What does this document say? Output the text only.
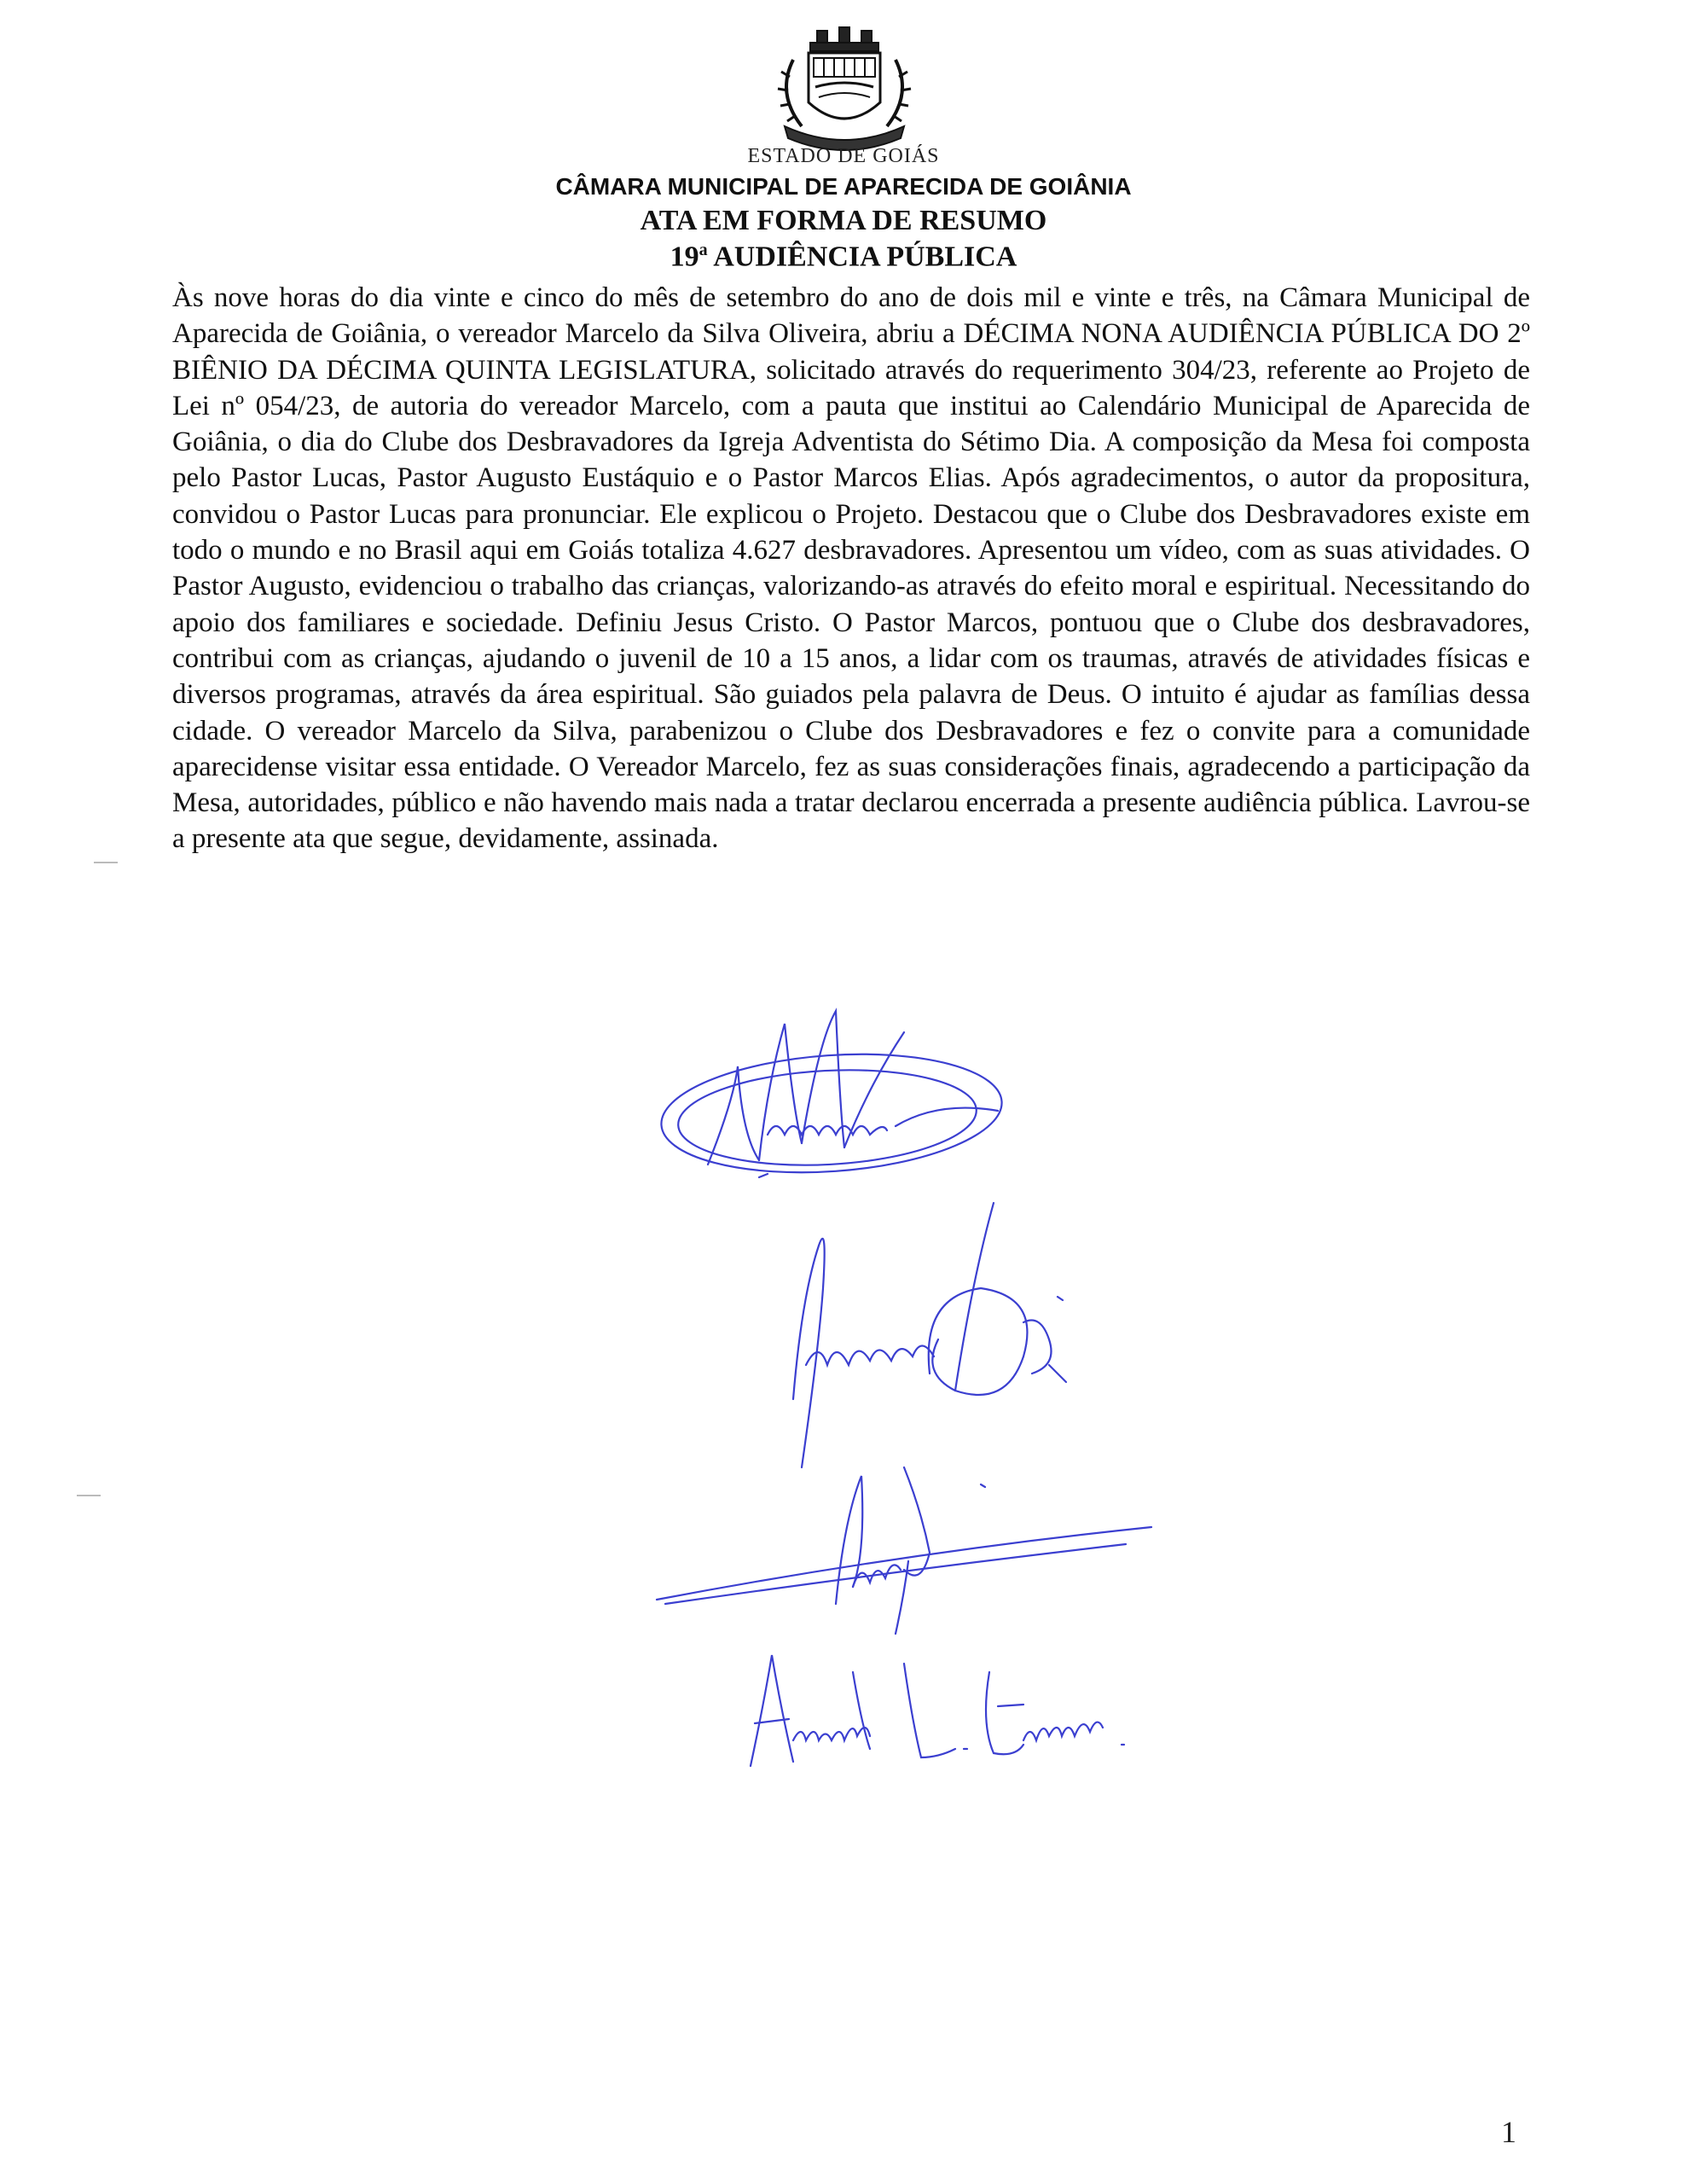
ESTADO DE GOIÁS
CÂMARA MUNICIPAL DE APARECIDA DE GOIÂNIA
ATA EM FORMA DE RESUMO
19$^a$ AUDIÊNCIA PÚBLICA
Às nove horas do dia vinte e cinco do mês de setembro do ano de dois mil e vinte e três, na Câmara Municipal de Aparecida de Goiânia, o vereador Marcelo da Silva Oliveira, abriu a DÉCIMA NONA AUDIÊNCIA PÚBLICA DO 2º BIÊNIO DA DÉCIMA QUINTA LEGISLATURA, solicitado através do requerimento 304/23, referente ao Projeto de Lei nº 054/23, de autoria do vereador Marcelo, com a pauta que institui ao Calendário Municipal de Aparecida de Goiânia, o dia do Clube dos Desbravadores da Igreja Adventista do Sétimo Dia. A composição da Mesa foi composta pelo Pastor Lucas, Pastor Augusto Eustáquio e o Pastor Marcos Elias. Após agradecimentos, o autor da propositura, convidou o Pastor Lucas para pronunciar. Ele explicou o Projeto. Destacou que o Clube dos Desbravadores existe em todo o mundo e no Brasil aqui em Goiás totaliza 4.627 desbravadores. Apresentou um vídeo, com as suas atividades. O Pastor Augusto, evidenciou o trabalho das crianças, valorizando-as através do efeito moral e espiritual. Necessitando do apoio dos familiares e sociedade. Definiu Jesus Cristo. O Pastor Marcos, pontuou que o Clube dos desbravadores, contribui com as crianças, ajudando o juvenil de 10 a 15 anos, a lidar com os traumas, através de atividades físicas e diversos programas, através da área espiritual. São guiados pela palavra de Deus. O intuito é ajudar as famílias dessa cidade. O vereador Marcelo da Silva, parabenizou o Clube dos Desbravadores e fez o convite para a comunidade aparecidense visitar essa entidade. O Vereador Marcelo, fez as suas considerações finais, agradecendo a participação da Mesa, autoridades, público e não havendo mais nada a tratar declarou encerrada a presente audiência pública. Lavrou-se a presente ata que segue, devidamente, assinada.
1
